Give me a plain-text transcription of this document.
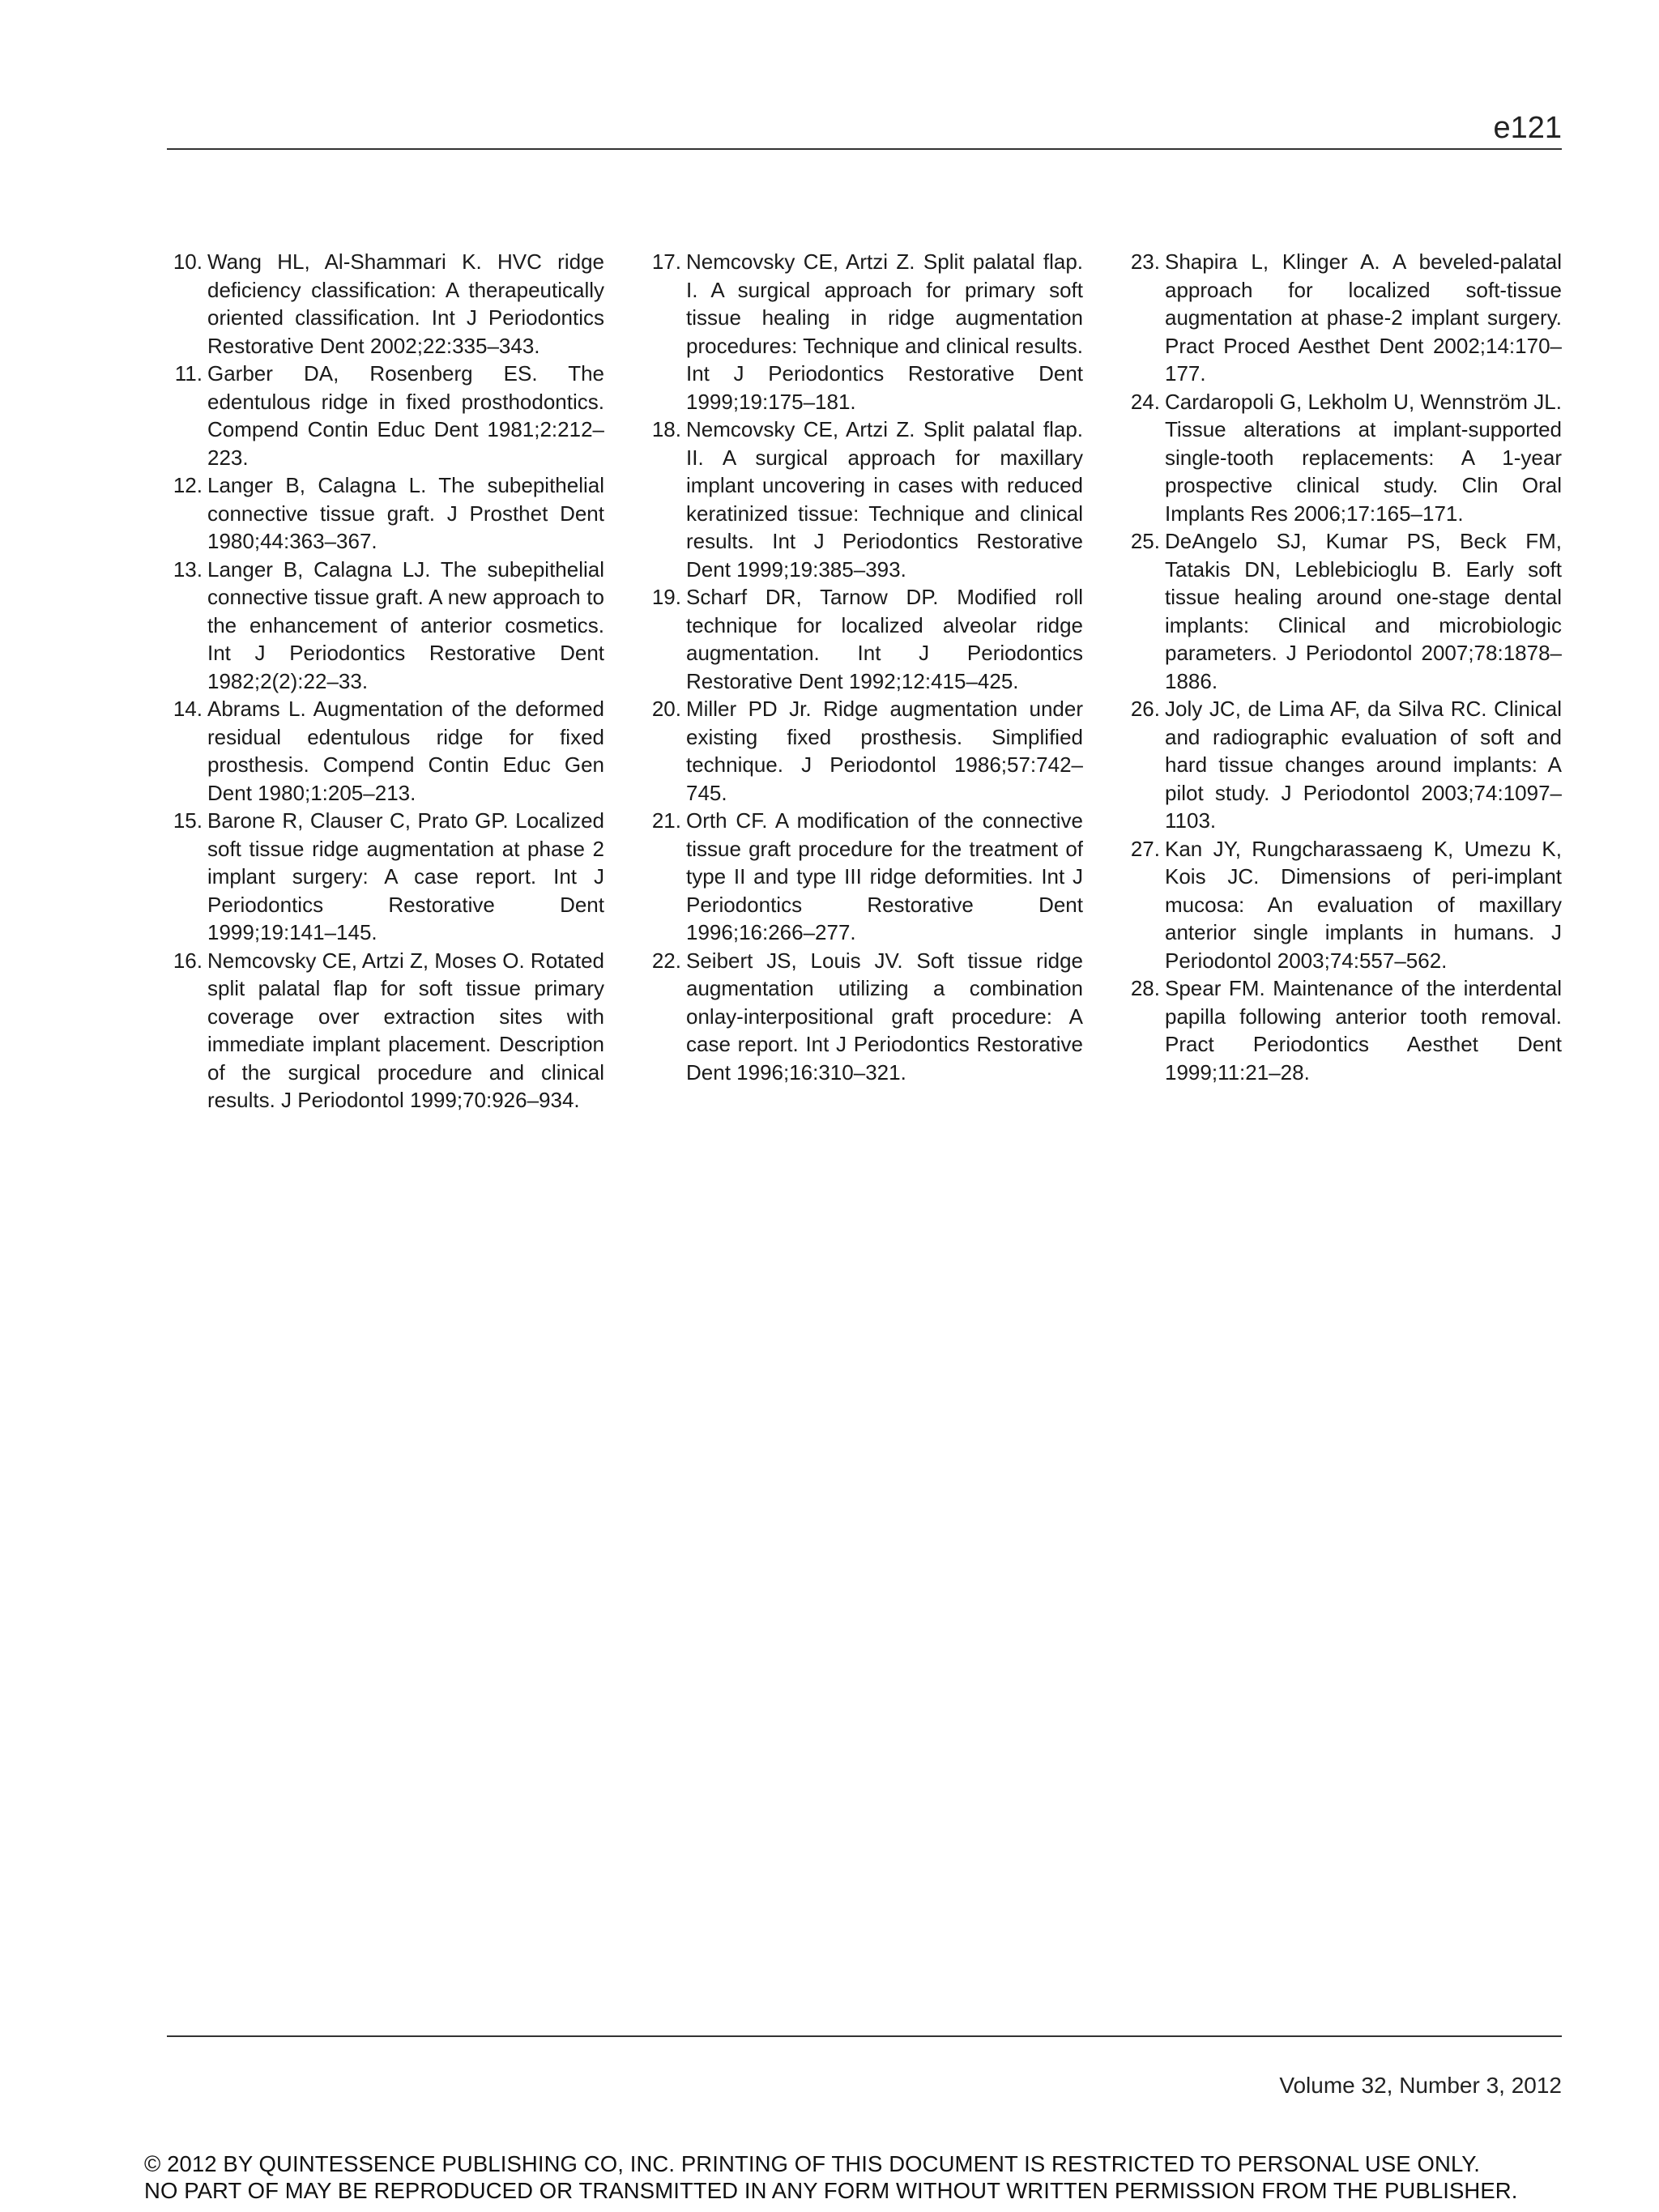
e121

10. Wang HL, Al-Shammari K. HVC ridge deficiency classification: A therapeutically oriented classification. Int J Periodontics Restorative Dent 2002;22:335–343.

11. Garber DA, Rosenberg ES. The edentulous ridge in fixed prosthodontics. Compend Contin Educ Dent 1981;2:212–223.

12. Langer B, Calagna L. The subepithelial connective tissue graft. J Prosthet Dent 1980;44:363–367.

13. Langer B, Calagna LJ. The subepithelial connective tissue graft. A new approach to the enhancement of anterior cosmetics. Int J Periodontics Restorative Dent 1982;2(2):22–33.

14. Abrams L. Augmentation of the deformed residual edentulous ridge for fixed prosthesis. Compend Contin Educ Gen Dent 1980;1:205–213.

15. Barone R, Clauser C, Prato GP. Localized soft tissue ridge augmentation at phase 2 implant surgery: A case report. Int J Periodontics Restorative Dent 1999;19:141–145.

16. Nemcovsky CE, Artzi Z, Moses O. Rotated split palatal flap for soft tissue primary coverage over extraction sites with immediate implant placement. Description of the surgical procedure and clinical results. J Periodontol 1999;70:926–934.

17. Nemcovsky CE, Artzi Z. Split palatal flap. I. A surgical approach for primary soft tissue healing in ridge augmentation procedures: Technique and clinical results. Int J Periodontics Restorative Dent 1999;19:175–181.

18. Nemcovsky CE, Artzi Z. Split palatal flap. II. A surgical approach for maxillary implant uncovering in cases with reduced keratinized tissue: Technique and clinical results. Int J Periodontics Restorative Dent 1999;19:385–393.

19. Scharf DR, Tarnow DP. Modified roll technique for localized alveolar ridge augmentation. Int J Periodontics Restorative Dent 1992;12:415–425.

20. Miller PD Jr. Ridge augmentation under existing fixed prosthesis. Simplified technique. J Periodontol 1986;57:742–745.

21. Orth CF. A modification of the connective tissue graft procedure for the treatment of type II and type III ridge deformities. Int J Periodontics Restorative Dent 1996;16:266–277.

22. Seibert JS, Louis JV. Soft tissue ridge augmentation utilizing a combination onlay-interpositional graft procedure: A case report. Int J Periodontics Restorative Dent 1996;16:310–321.

23. Shapira L, Klinger A. A beveled-palatal approach for localized soft-tissue augmentation at phase-2 implant surgery. Pract Proced Aesthet Dent 2002;14:170–177.

24. Cardaropoli G, Lekholm U, Wennström JL. Tissue alterations at implant-supported single-tooth replacements: A 1-year prospective clinical study. Clin Oral Implants Res 2006;17:165–171.

25. DeAngelo SJ, Kumar PS, Beck FM, Tatakis DN, Leblebicioglu B. Early soft tissue healing around one-stage dental implants: Clinical and microbiologic parameters. J Periodontol 2007;78:1878–1886.

26. Joly JC, de Lima AF, da Silva RC. Clinical and radiographic evaluation of soft and hard tissue changes around implants: A pilot study. J Periodontol 2003;74:1097–1103.

27. Kan JY, Rungcharassaeng K, Umezu K, Kois JC. Dimensions of peri-implant mucosa: An evaluation of maxillary anterior single implants in humans. J Periodontol 2003;74:557–562.

28. Spear FM. Maintenance of the interdental papilla following anterior tooth removal. Pract Periodontics Aesthet Dent 1999;11:21–28.

Volume 32, Number 3, 2012
© 2012 BY QUINTESSENCE PUBLISHING CO, INC. PRINTING OF THIS DOCUMENT IS RESTRICTED TO PERSONAL USE ONLY.
NO PART OF MAY BE REPRODUCED OR TRANSMITTED IN ANY FORM WITHOUT WRITTEN PERMISSION FROM THE PUBLISHER.
